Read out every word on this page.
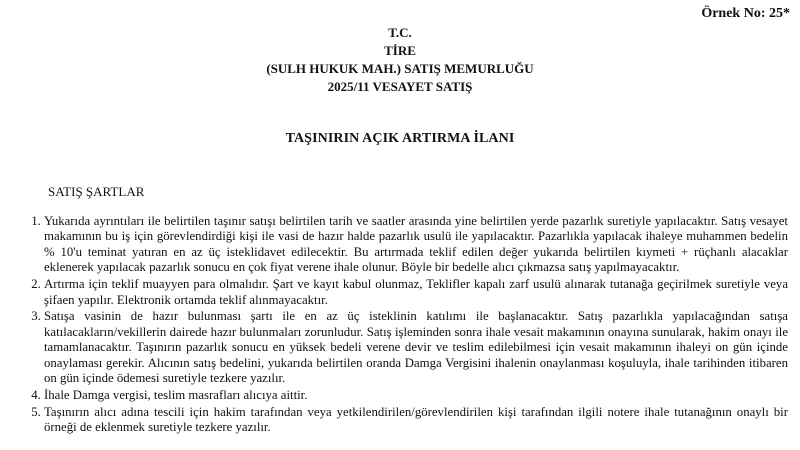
Örnek No: 25*
T.C.
TİRE
(SULH HUKUK MAH.) SATIŞ MEMURLUĞU
2025/11 VESAYET SATIŞ
TAŞINIRIN AÇIK ARTIRMA İLANI
SATIŞ ŞARTLAR
1. Yukarıda ayrıntıları ile belirtilen taşınır satışı belirtilen tarih ve saatler arasında yine belirtilen yerde pazarlık suretiyle yapılacaktır. Satış vesayet makamının bu iş için görevlendirdiği kişi ile vasi de hazır halde pazarlık usulü ile yapılacaktır. Pazarlıkla yapılacak ihaleye muhammen bedelin % 10'u teminat yatıran en az üç isteklidavet edilecektir. Bu artırmada teklif edilen değer yukarıda belirtilen kıymeti + rüçhanlı alacaklar eklenerek yapılacak pazarlık sonucu en çok fiyat verene ihale olunur. Böyle bir bedelle alıcı çıkmazsa satış yapılmayacaktır.
2. Artırma için teklif muayyen para olmalıdır. Şart ve kayıt kabul olunmaz, Teklifler kapalı zarf usulü alınarak tutanağa geçirilmek suretiyle veya şifaen yapılır. Elektronik ortamda teklif alınmayacaktır.
3. Satışa vasinin de hazır bulunması şartı ile en az üç isteklinin katılımı ile başlanacaktır. Satış pazarlıkla yapılacağından satışa katılacakların/vekillerin dairede hazır bulunmaları zorunludur. Satış işleminden sonra ihale vesait makamının onayına sunularak, hakim onayı ile tamamlanacaktır. Taşınırın pazarlık sonucu en yüksek bedeli verene devir ve teslim edilebilmesi için vesait makamının ihaleyi on gün içinde onaylaması gerekir. Alıcının satış bedelini, yukarıda belirtilen oranda Damga Vergisini ihalenin onaylanması koşuluyla, ihale tarihinden itibaren on gün içinde ödemesi suretiyle tezkere yazılır.
4. İhale Damga vergisi, teslim masrafları alıcıya aittir.
5. Taşınırın alıcı adına tescili için hakim tarafından veya yetkilendirilen/görevlendirilen kişi tarafından ilgili notere ihale tutanağının onaylı bir örneği de eklenmek suretiyle tezkere yazılır.
